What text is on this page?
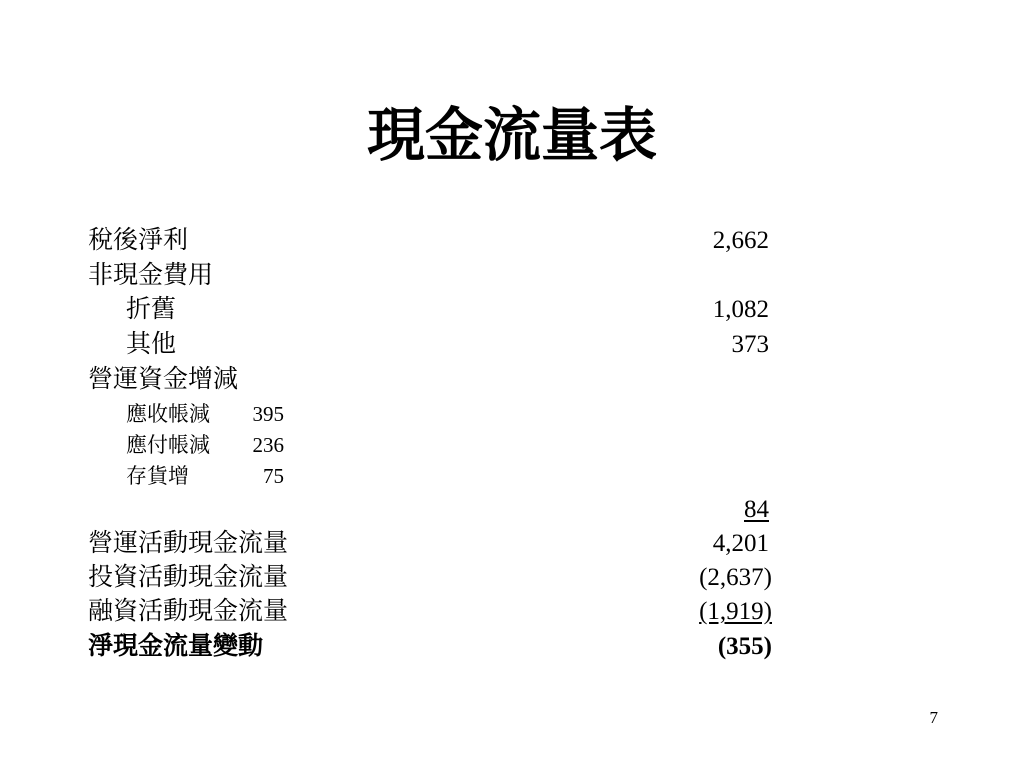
現金流量表
稅後淨利	2,662
非現金費用
折舊	1,082
其他	373
營運資金增減
應收帳減 395
應付帳減 236
存貨增	75
84
營運活動現金流量	4,201
投資活動現金流量	(2,637)
融資活動現金流量	(1,919)
淨現金流量變動	(355)
7
